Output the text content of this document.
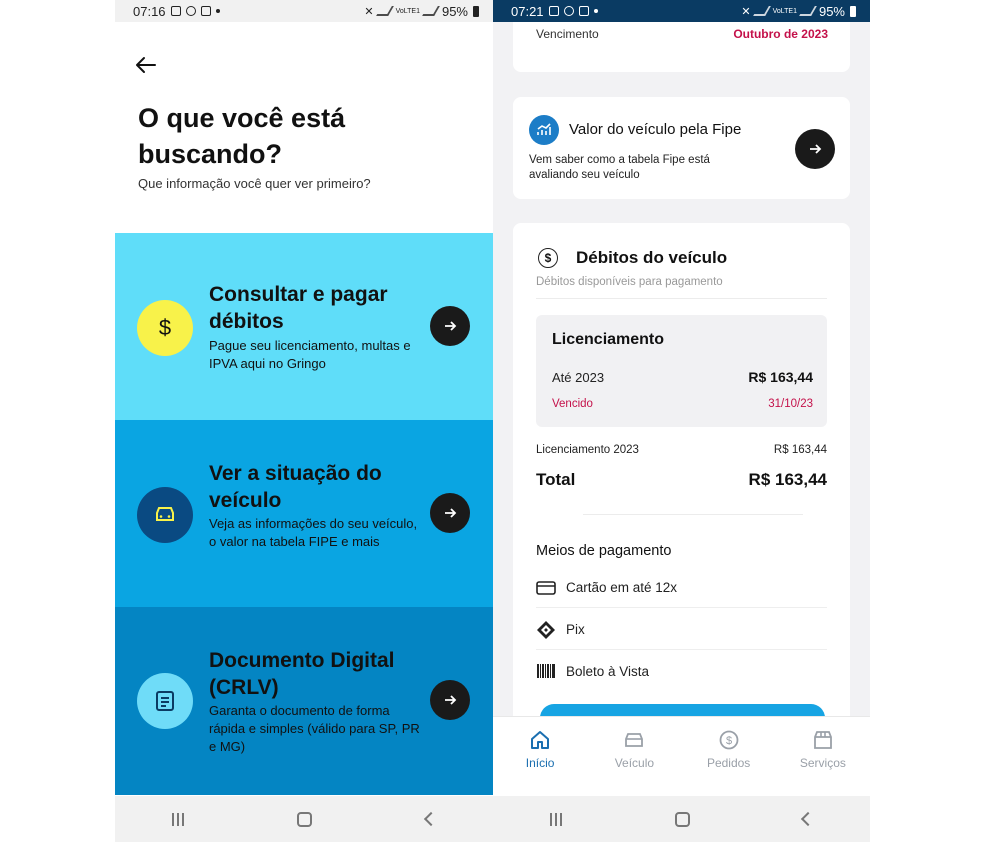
07:16	✕	VoLTE1 95%
O que você está buscando?
Que informação você quer ver primeiro?
$
Consultar e pagar débitos
Pague seu licenciamento, multas e IPVA aqui no Gringo
Ver a situação do veículo
Veja as informações do seu veículo, o valor na tabela FIPE e mais
Documento Digital (CRLV)
Garanta o documento de forma rápida e simples (válido para SP, PR e MG)
Vencimento	Outubro de 2023
07:21	✕	VoLTE1 95%
Valor do veículo pela Fipe
Vem saber como a tabela Fipe está avaliando seu veículo
$	Débitos do veículo
Débitos disponíveis para pagamento
Licenciamento
Até 2023	R$ 163,44
Vencido	31/10/23
Licenciamento 2023	R$ 163,44
Total	R$ 163,44
Meios de pagamento
Cartão em até 12x
Pix
Boleto à Vista
Início	Veículo
$
Pedidos	Serviços
